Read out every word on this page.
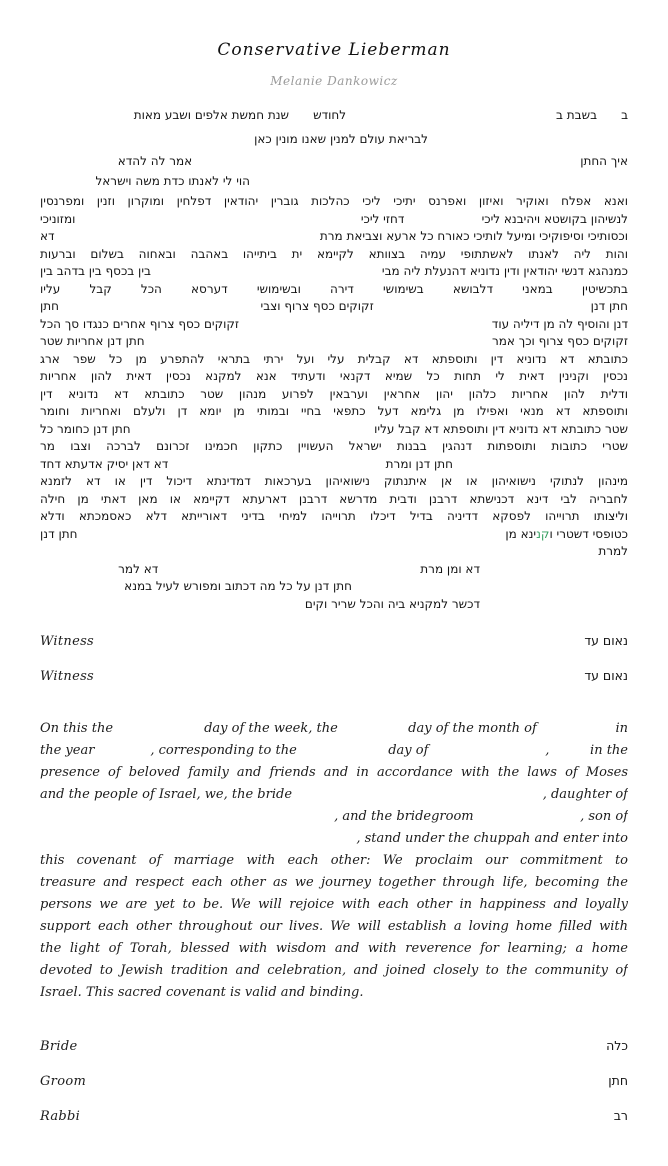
Conservative Lieberman
Melanie Dankowicz
ב
בשבת ב
לחודש
שנת חמשת אלפים ושבע מאות
לבריאת עולם למנין שאנו מונין כאן
איך החתן
אמר לה להדא
הוי לי לאנתו כדת משה וישראל
ואנא אפלח ואוקיר ואיזון ואפרנס יתיכי ליכי כהלכות גוברין יהודאין דפלחין ומוקרון וזנין ומפרנסין
לנשיהון בקושטא ויהיבנא ליכי
דחזי ליכי
ומזוניכי
וכסותיכי וסיפוקיכי ומיעל לותיכי כאורח כל ארעא וצביאת מרת
דא
והות ליה לאנתו לאשתתופי עמיה בצוותא לקיימא ית ביתייהו באהבה ובאחוה בשלום וברעות
כמנהגא דנשי יהודאין ודין נדוניא דהנעלת ליה מבי
בין בכסף בין בדהב בין
בתכשיטין במאני דלבושא בשימושי דירה ובשימושי דערסא הכל קבל עליו
חתן דנן
זקוקים כסף צרוף וצבי
חתן
דנן והוסיף לה מן דיליה עוד
זקוקים כסף צרוף אחרים כנגדו סך הכל
זקוקים כסף צרוף וכך אמר
חתן דנן אחריות שטר
כתובתא דא נדוניא דין ותוספתא דא קבלית עלי ועל ירתי בתראי להתפרע מן כל שפר ארג
נכסין וקנינין דאית לי תחות כל שמיא דקנאי ודעתיד אנא למקנא נכסין דאית להון אחריות
ודלית להון אחריות כלהון יהון אחראין וערבאין לפרוע מנהון שטר כתובתא דא נדוניא דין
ותוספתא דא מנאי ואפילו מן גלימא דעל כתפאי בחיי ובמותי מן יומא דן ולעלם ואחריות וחומר
שטר כתובתא דא נדוניא דין ותוספתא דא קבל עליו
חתן דנן כחומר כל
שטרי כתובות ותוספתות דנהגין בבנות ישראל העשויין כתקון חכמינו זכרונם לברכה וצבו מר
חתן דנן ומרת
דא דאן יסיק אדעתא דחד
מינהון לנתוקי נישואיהון או אן איתנתוק נישואיהון בערכאות דמדינתא דיכול דין או דא לזמנא
לחבריה לבי דינא דכנישתא דרבנן ודבית מדרשא דרבנן דארעתא דקיימא או מאן דאתי מן חילה
וליצותו תרוייהו לפסקא דדיניה בדיל דיכלו תרוייהו למיחי בדיני דאורייתא דלא כאסמכתא ודלא
כטופסי דשטרי ו
קנ
ינא מן
חתן דנן
למרת
דא ומן מרת
דא למר
חתן דנן על כל מה דכתוב ומפורש לעיל במנא
דכשר למקניא ביה והכל שריר וקים
Witness	נאום עד
Witness	נאום עד
On this the	day of the week, the	day of the month of	in
the year	, corresponding to the	day of	,	in the
presence of beloved family and friends and in accordance with the laws of Moses
and the people of Israel, we, the bride	, daughter of
, and the bridegroom	, son of
, stand under the chuppah and enter into
this covenant of marriage with each other: We proclaim our commitment to
treasure and respect each other as we journey together through life, becoming the
persons we are yet to be. We will rejoice with each other in happiness and loyally
support each other throughout our lives. We will establish a loving home filled with
the light of Torah, blessed with wisdom and with reverence for learning; a home
devoted to Jewish tradition and celebration, and joined closely to the community of
Israel. This sacred covenant is valid and binding.
Bride	כלה
Groom	חתן
Rabbi	רב
